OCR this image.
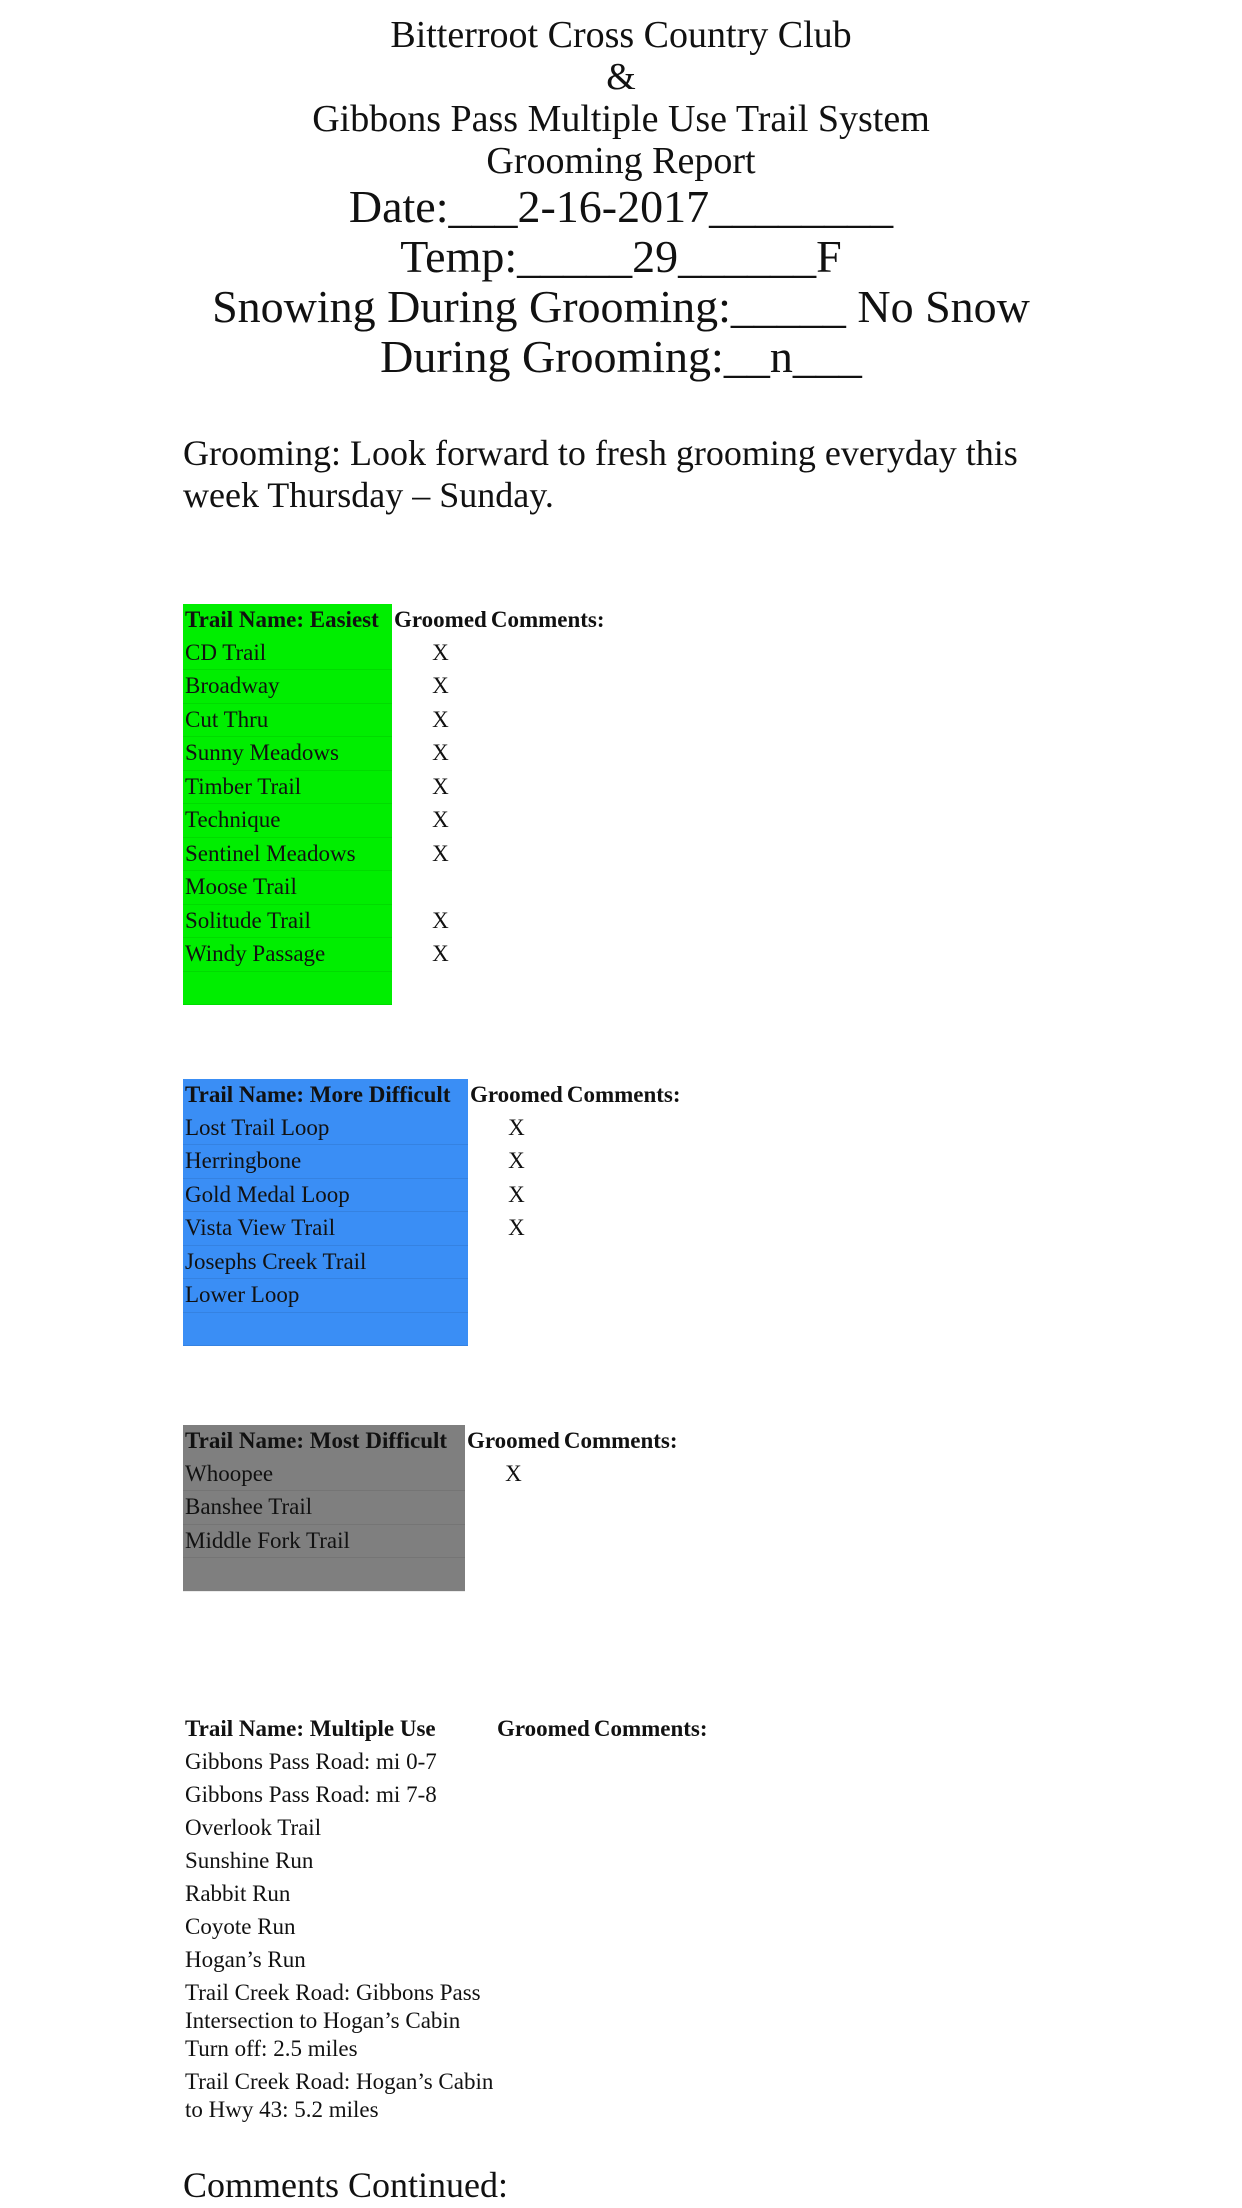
Bitterroot Cross Country Club
&
Gibbons Pass Multiple Use Trail System
Grooming Report
Date:___2-16-2017________
Temp:_____29______F
Snowing During Grooming:_____ No Snow
During Grooming:__n___
Grooming: Look forward to fresh grooming everyday this week Thursday – Sunday.
Trail Name: Easiest	Groomed	Comments:
CD Trail	X	
Broadway	X	
Cut Thru	X	
Sunny Meadows	X	
Timber Trail	X	
Technique	X	
Sentinel Meadows	X	
Moose Trail		
Solitude Trail	X	
Windy Passage	X	

Trail Name: More Difficult	Groomed	Comments:
Lost Trail Loop	X	
Herringbone	X	
Gold Medal Loop	X	
Vista View Trail	X	
Josephs Creek Trail		
Lower Loop		

Trail Name: Most Difficult	Groomed	Comments:
Whoopee	X	
Banshee Trail		
Middle Fork Trail		

Trail Name: Multiple Use	Groomed	Comments:
Gibbons Pass Road: mi 0-7		
Gibbons Pass Road: mi 7-8		
Overlook Trail		
Sunshine Run		
Rabbit Run		
Coyote Run		
Hogan’s Run		
Trail Creek Road: Gibbons Pass Intersection to Hogan’s Cabin Turn off: 2.5 miles		
Trail Creek Road: Hogan’s Cabin to Hwy 43: 5.2 miles		
Comments Continued:
